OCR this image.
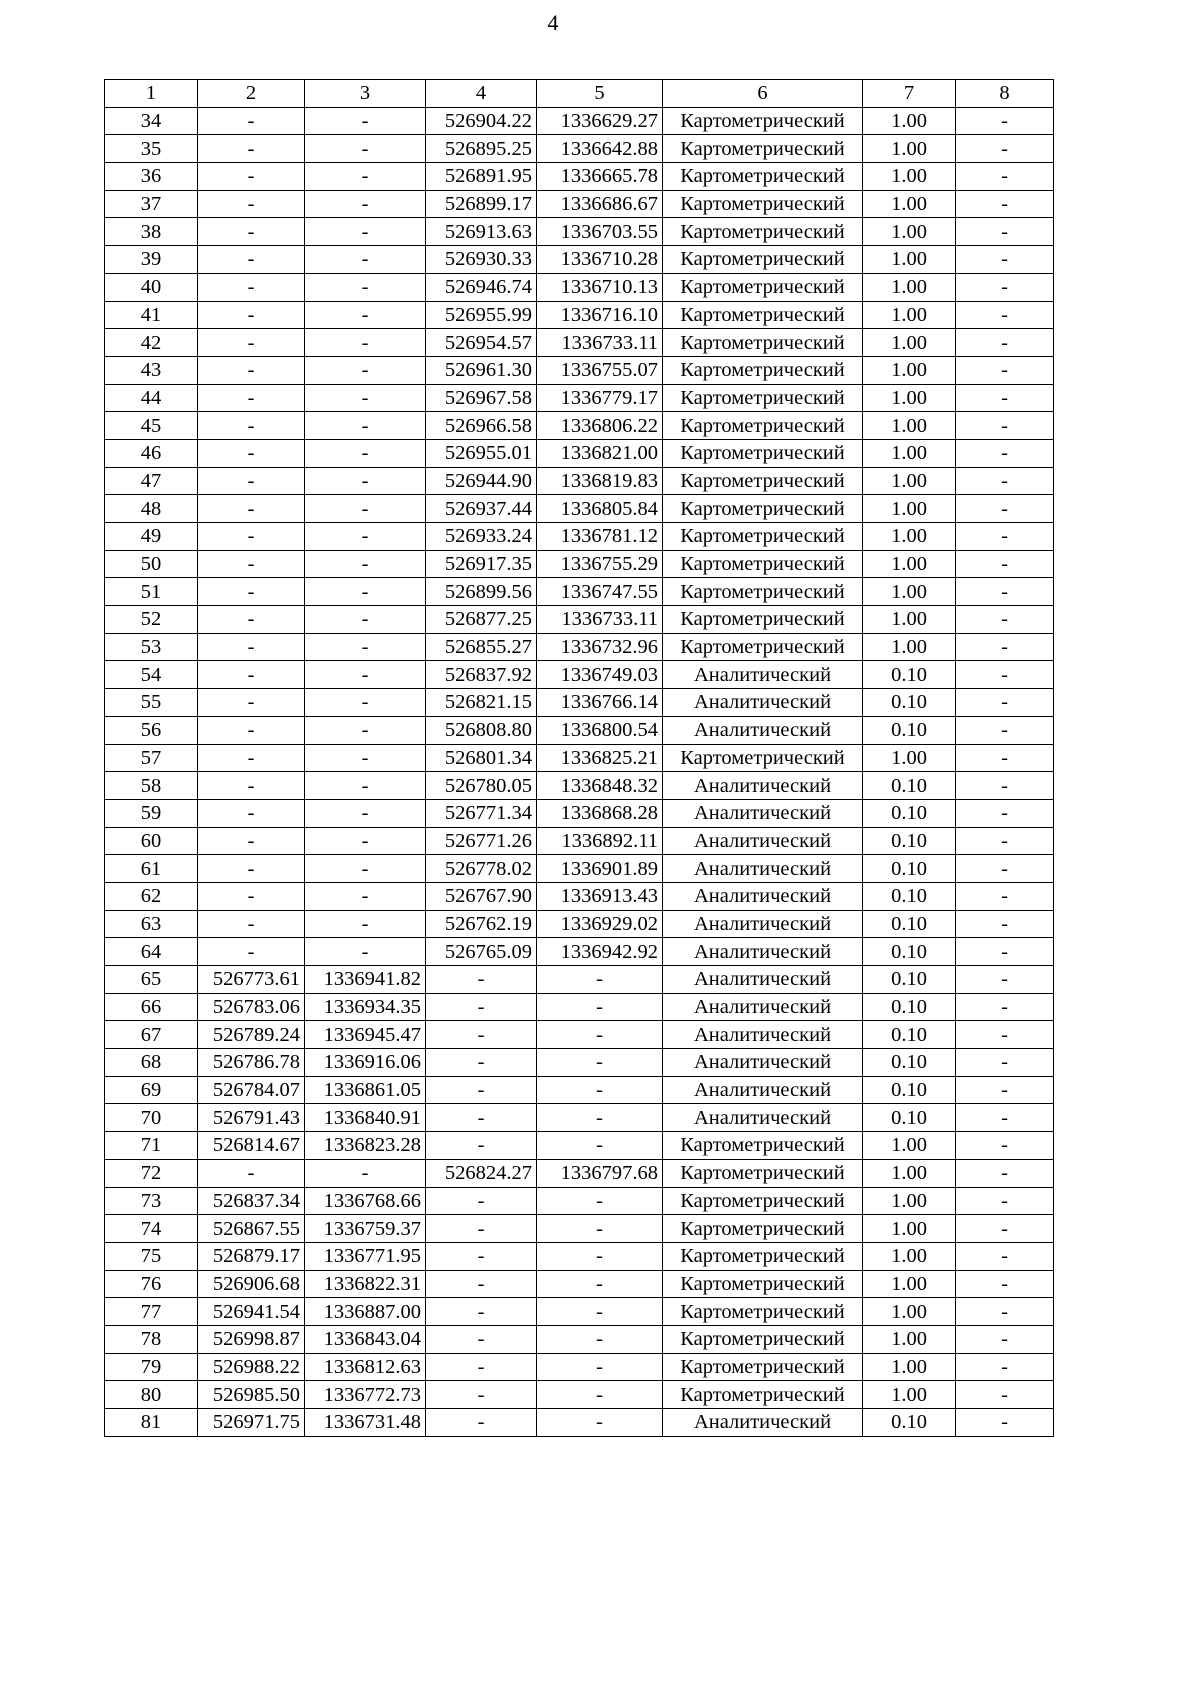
4
1	2	3	4	5	6	7	8
34	-	-	526904.22	1336629.27	Картометрический	1.00	-
35	-	-	526895.25	1336642.88	Картометрический	1.00	-
36	-	-	526891.95	1336665.78	Картометрический	1.00	-
37	-	-	526899.17	1336686.67	Картометрический	1.00	-
38	-	-	526913.63	1336703.55	Картометрический	1.00	-
39	-	-	526930.33	1336710.28	Картометрический	1.00	-
40	-	-	526946.74	1336710.13	Картометрический	1.00	-
41	-	-	526955.99	1336716.10	Картометрический	1.00	-
42	-	-	526954.57	1336733.11	Картометрический	1.00	-
43	-	-	526961.30	1336755.07	Картометрический	1.00	-
44	-	-	526967.58	1336779.17	Картометрический	1.00	-
45	-	-	526966.58	1336806.22	Картометрический	1.00	-
46	-	-	526955.01	1336821.00	Картометрический	1.00	-
47	-	-	526944.90	1336819.83	Картометрический	1.00	-
48	-	-	526937.44	1336805.84	Картометрический	1.00	-
49	-	-	526933.24	1336781.12	Картометрический	1.00	-
50	-	-	526917.35	1336755.29	Картометрический	1.00	-
51	-	-	526899.56	1336747.55	Картометрический	1.00	-
52	-	-	526877.25	1336733.11	Картометрический	1.00	-
53	-	-	526855.27	1336732.96	Картометрический	1.00	-
54	-	-	526837.92	1336749.03	Аналитический	0.10	-
55	-	-	526821.15	1336766.14	Аналитический	0.10	-
56	-	-	526808.80	1336800.54	Аналитический	0.10	-
57	-	-	526801.34	1336825.21	Картометрический	1.00	-
58	-	-	526780.05	1336848.32	Аналитический	0.10	-
59	-	-	526771.34	1336868.28	Аналитический	0.10	-
60	-	-	526771.26	1336892.11	Аналитический	0.10	-
61	-	-	526778.02	1336901.89	Аналитический	0.10	-
62	-	-	526767.90	1336913.43	Аналитический	0.10	-
63	-	-	526762.19	1336929.02	Аналитический	0.10	-
64	-	-	526765.09	1336942.92	Аналитический	0.10	-
65	526773.61	1336941.82	-	-	Аналитический	0.10	-
66	526783.06	1336934.35	-	-	Аналитический	0.10	-
67	526789.24	1336945.47	-	-	Аналитический	0.10	-
68	526786.78	1336916.06	-	-	Аналитический	0.10	-
69	526784.07	1336861.05	-	-	Аналитический	0.10	-
70	526791.43	1336840.91	-	-	Аналитический	0.10	-
71	526814.67	1336823.28	-	-	Картометрический	1.00	-
72	-	-	526824.27	1336797.68	Картометрический	1.00	-
73	526837.34	1336768.66	-	-	Картометрический	1.00	-
74	526867.55	1336759.37	-	-	Картометрический	1.00	-
75	526879.17	1336771.95	-	-	Картометрический	1.00	-
76	526906.68	1336822.31	-	-	Картометрический	1.00	-
77	526941.54	1336887.00	-	-	Картометрический	1.00	-
78	526998.87	1336843.04	-	-	Картометрический	1.00	-
79	526988.22	1336812.63	-	-	Картометрический	1.00	-
80	526985.50	1336772.73	-	-	Картометрический	1.00	-
81	526971.75	1336731.48	-	-	Аналитический	0.10	-
